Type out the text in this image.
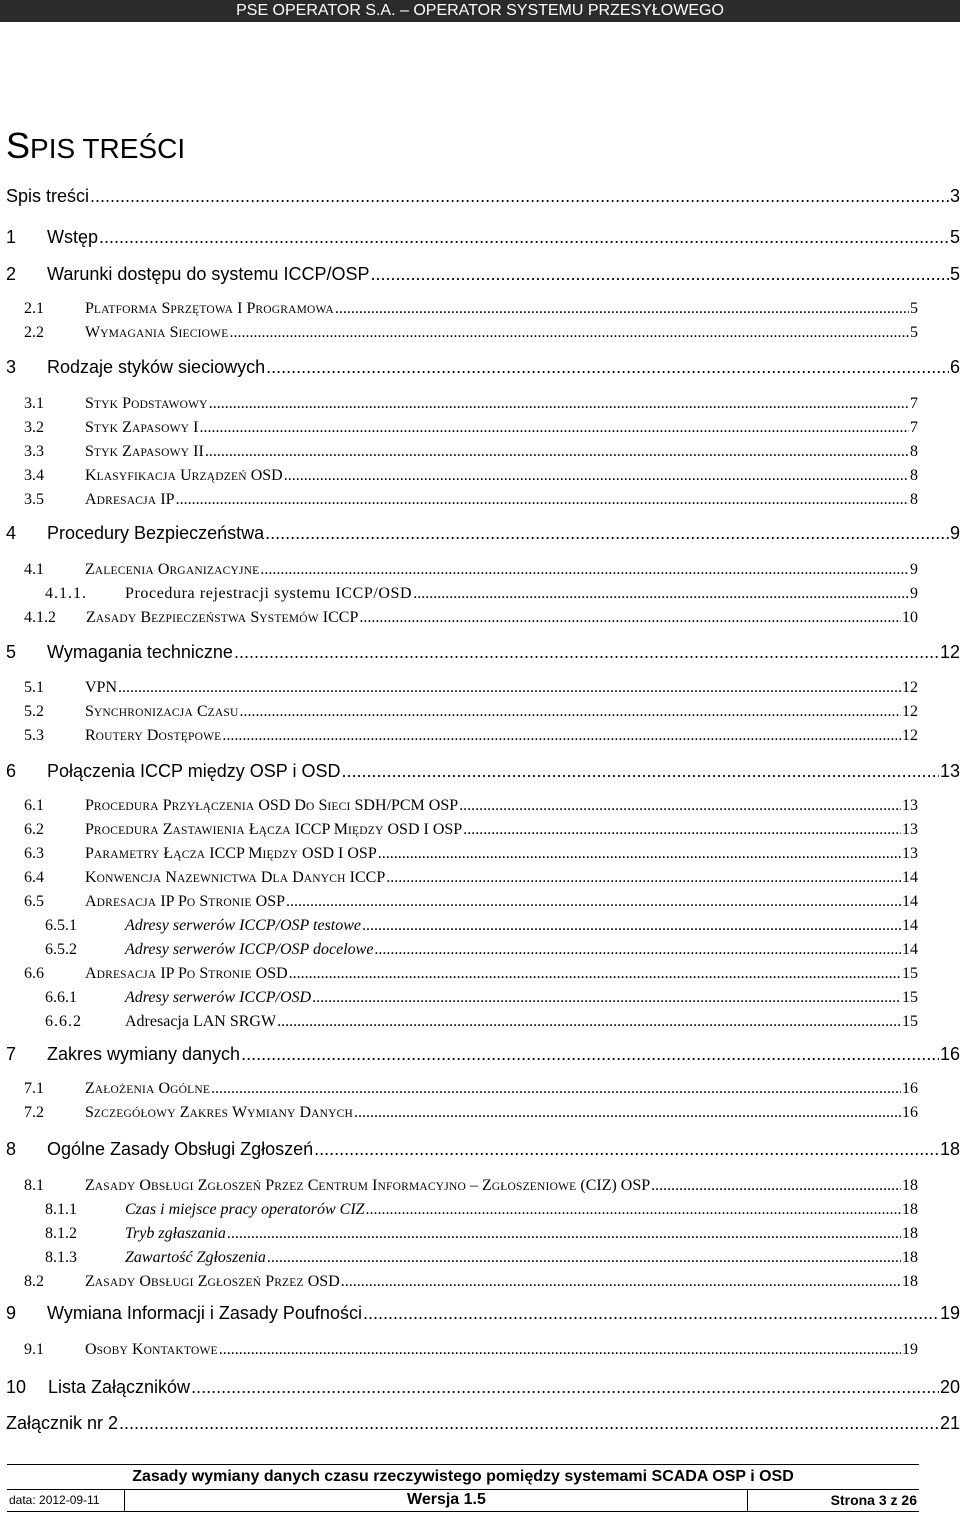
PSE OPERATOR S.A. – OPERATOR SYSTEMU PRZESYŁOWEGO
SPIS TREŚCI
Spis treści .....	3
1	Wstęp .....	5
2	Warunki dostępu do systemu ICCP/OSP .....	5
2.1	PLATFORMA SPRZĘTOWA I PROGRAMOWA .....	5
2.2	WYMAGANIA SIECIOWE .....	5
3	Rodzaje styków sieciowych .....	6
3.1	STYK PODSTAWOWY .....	7
3.2	STYK ZAPASOWY I .....	7
3.3	STYK ZAPASOWY II .....	8
3.4	KLASYFIKACJA URZĄDZEŃ OSD .....	8
3.5	ADRESACJA IP .....	8
4	Procedury Bezpieczeństwa .....	9
4.1	ZALECENIA ORGANIZACYJNE .....	9
4.1.1.	Procedura rejestracji systemu ICCP/OSD .....	9
4.1.2	ZASADY BEZPIECZEŃSTWA SYSTEMÓW ICCP .....	10
5	Wymagania techniczne .....	12
5.1	VPN .....	12
5.2	SYNCHRONIZACJA CZASU .....	12
5.3	ROUTERY DOSTĘPOWE .....	12
6	Połączenia ICCP między OSP i OSD .....	13
6.1	PROCEDURA PRZYŁĄCZENIA OSD DO SIECI SDH/PCM OSP .....	13
6.2	PROCEDURA ZASTAWIENIA ŁĄCZA ICCP MIĘDZY OSD I OSP .....	13
6.3	PARAMETRY ŁĄCZA ICCP MIĘDZY OSD I OSP .....	13
6.4	KONWENCJA NAZEWNICTWA DLA DANYCH ICCP .....	14
6.5	ADRESACJA IP PO STRONIE OSP .....	14
6.5.1	Adresy serwerów ICCP/OSP testowe .....	14
6.5.2	Adresy serwerów ICCP/OSP docelowe .....	14
6.6	ADRESACJA IP PO STRONIE OSD .....	15
6.6.1	Adresy serwerów ICCP/OSD .....	15
6.6.2	Adresacja LAN SRGW .....	15
7	Zakres wymiany danych .....	16
7.1	ZAŁOŻENIA OGÓLNE .....	16
7.2	SZCZEGÓŁOWY ZAKRES WYMIANY DANYCH .....	16
8	Ogólne Zasady Obsługi Zgłoszeń .....	18
8.1	ZASADY OBSŁUGI ZGŁOSZEŃ PRZEZ CENTRUM INFORMACYJNO – ZGŁOSZENIOWE (CIZ) OSP .....	18
8.1.1	Czas i miejsce pracy operatorów CIZ .....	18
8.1.2	Tryb zgłaszania .....	18
8.1.3	Zawartość Zgłoszenia .....	18
8.2	ZASADY OBSŁUGI ZGŁOSZEŃ PRZEZ OSD .....	18
9	Wymiana Informacji i Zasady Poufności .....	19
9.1	OSOBY KONTAKTOWE .....	19
10	Lista Załączników .....	20
Załącznik nr 2 .....	21
Zasady wymiany danych czasu rzeczywistego pomiędzy systemami SCADA OSP i OSD
data: 2012-09-11	Wersja 1.5	Strona 3 z 26
